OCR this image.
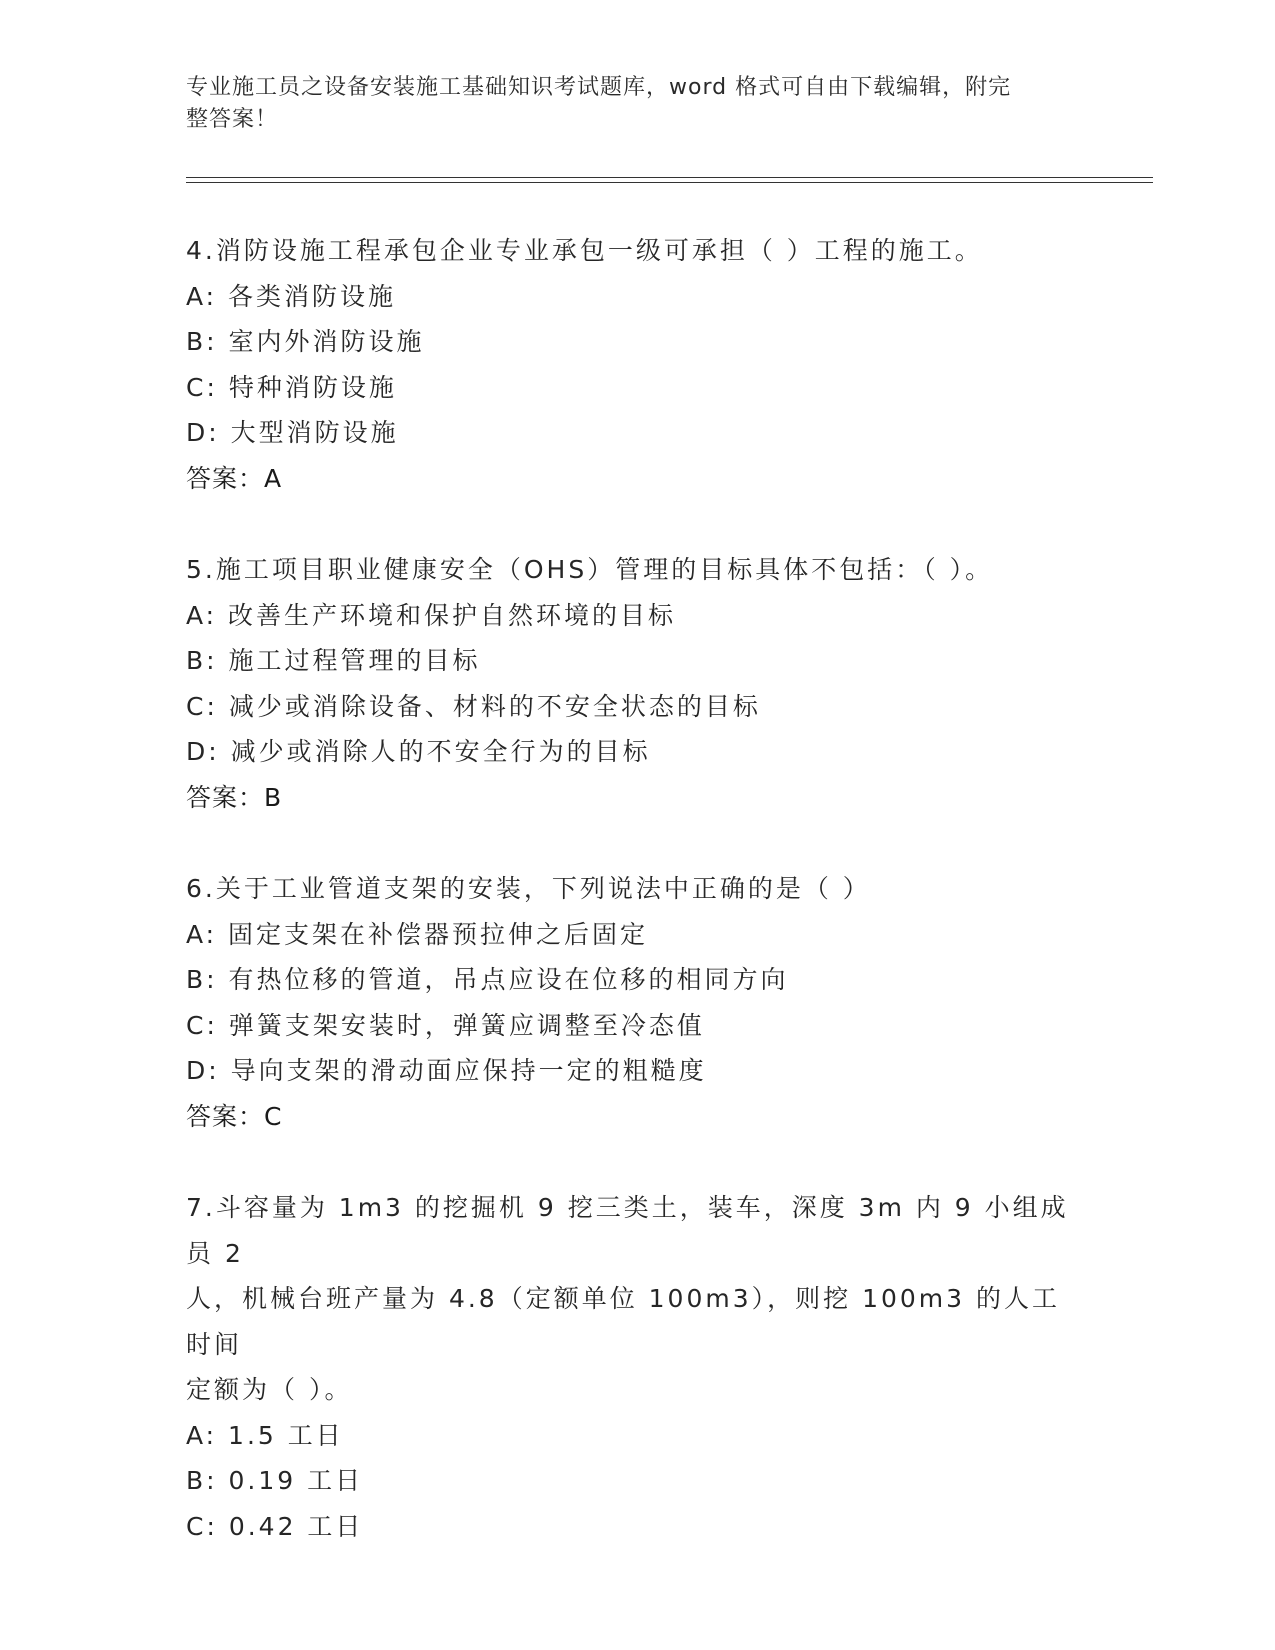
专业施工员之设备安装施工基础知识考试题库，word 格式可自由下载编辑，附完
整答案！
4.消防设施工程承包企业专业承包一级可承担（ ）工程的施工。
A: 各类消防设施
B: 室内外消防设施
C: 特种消防设施
D: 大型消防设施
答案：A
5.施工项目职业健康安全（OHS）管理的目标具体不包括：（ ）。
A: 改善生产环境和保护自然环境的目标
B: 施工过程管理的目标
C: 减少或消除设备、材料的不安全状态的目标
D: 减少或消除人的不安全行为的目标
答案：B
6.关于工业管道支架的安装，下列说法中正确的是（ ）
A: 固定支架在补偿器预拉伸之后固定
B: 有热位移的管道，吊点应设在位移的相同方向
C: 弹簧支架安装时，弹簧应调整至冷态值
D: 导向支架的滑动面应保持一定的粗糙度
答案：C
7.斗容量为 1m3 的挖掘机 9 挖三类土，装车，深度 3m 内 9 小组成员 2
人，机械台班产量为 4.8（定额单位 100m3），则挖 100m3 的人工时间
定额为（ ）。
A: 1.5 工日
B: 0.19 工日
C: 0.42 工日
